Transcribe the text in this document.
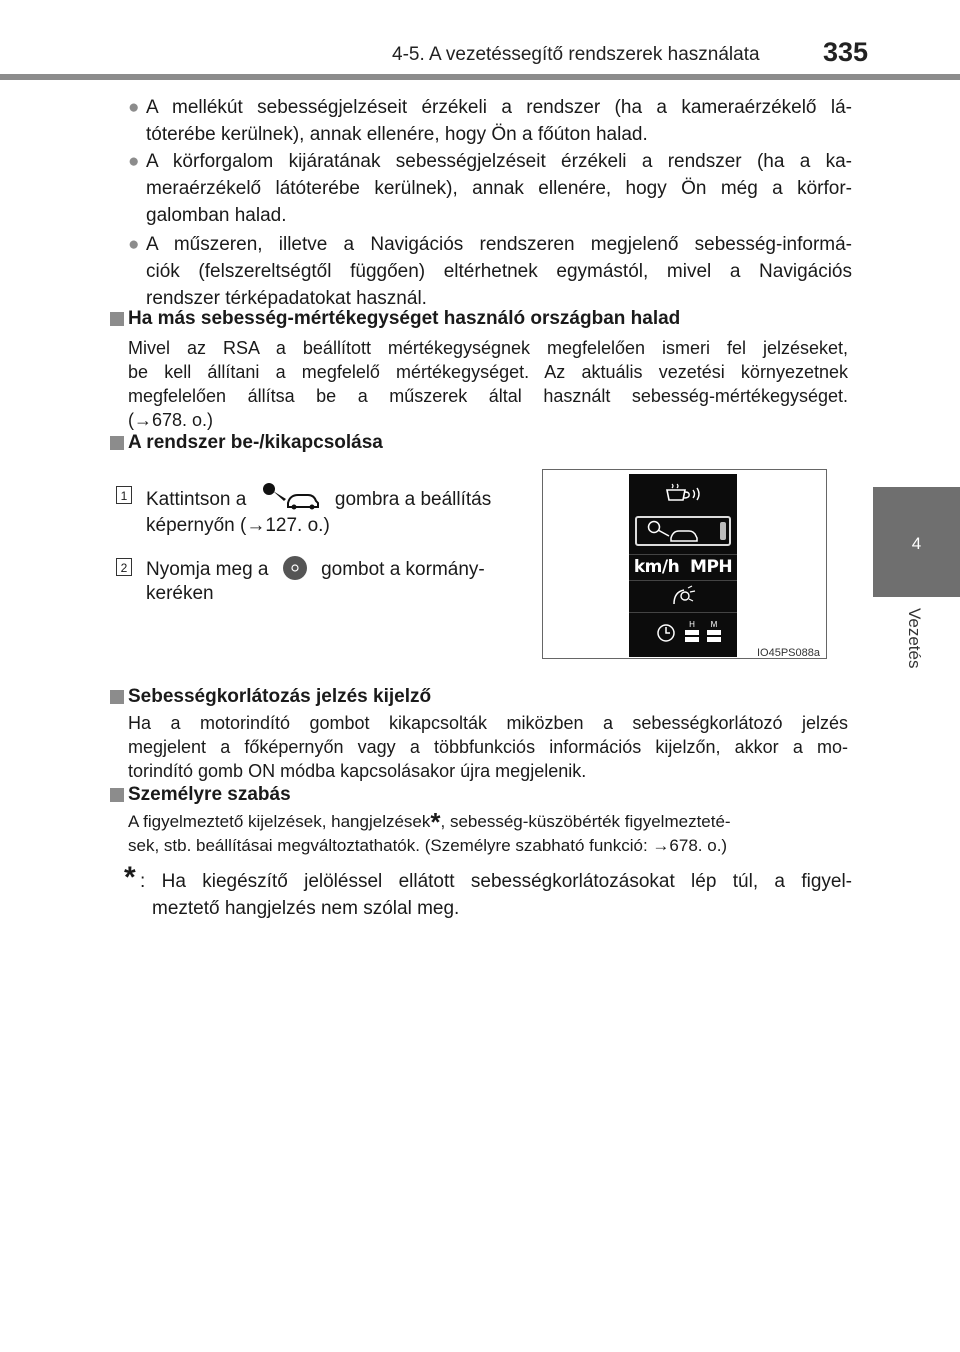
4-5. A vezetéssegítő rendszerek használata 335
4
Vezetés
● A mellékút sebességjelzéseit érzékeli a rendszer (ha a kameraérzékelő lá-
tóterébe kerülnek), annak ellenére, hogy Ön a főúton halad.
● A körforgalom kijáratának sebességjelzéseit érzékeli a rendszer (ha a ka-
meraérzékelő látóterébe kerülnek), annak ellenére, hogy Ön még a körfor-
galomban halad.
● A műszeren, illetve a Navigációs rendszeren megjelenő sebesség-informá-
ciók (felszereltségtől függően) eltérhetnek egymástól, mivel a Navigációs
rendszer térképadatokat használ.
Ha más sebesség-mértékegységet használó országban halad
Mivel az RSA a beállított mértékegységnek megfelelően ismeri fel jelzéseket,
be kell állítani a megfelelő mértékegységet. Az aktuális vezetési környezetnek
megfelelően állítsa be a műszerek által használt sebesség-mértékegységet.
(→678. o.)
A rendszer be-/kikapcsolása
1 Kattintson a	gombra a beállítás
képernyőn (→127. o.)
2 Nyomja meg a	gombot a kormány-
keréken
km/h  MPH
H	M
IO45PS088a
Sebességkorlátozás jelzés kijelző
Ha a motorindító gombot kikapcsolták miközben a sebességkorlátozó jelzés
megjelent a főképernyőn vagy a többfunkciós információs kijelzőn, akkor a mo-
torindító gomb ON módba kapcsolásakor újra megjelenik.
Személyre szabás
A figyelmeztető kijelzések, hangjelzések*, sebesség-küszöbérték figyelmezteté-
sek, stb. beállításai megváltoztathatók. (Személyre szabható funkció: →678. o.)
* : Ha kiegészítő jelöléssel ellátott sebességkorlátozásokat lép túl, a figyel-
meztető hangjelzés nem szólal meg.
